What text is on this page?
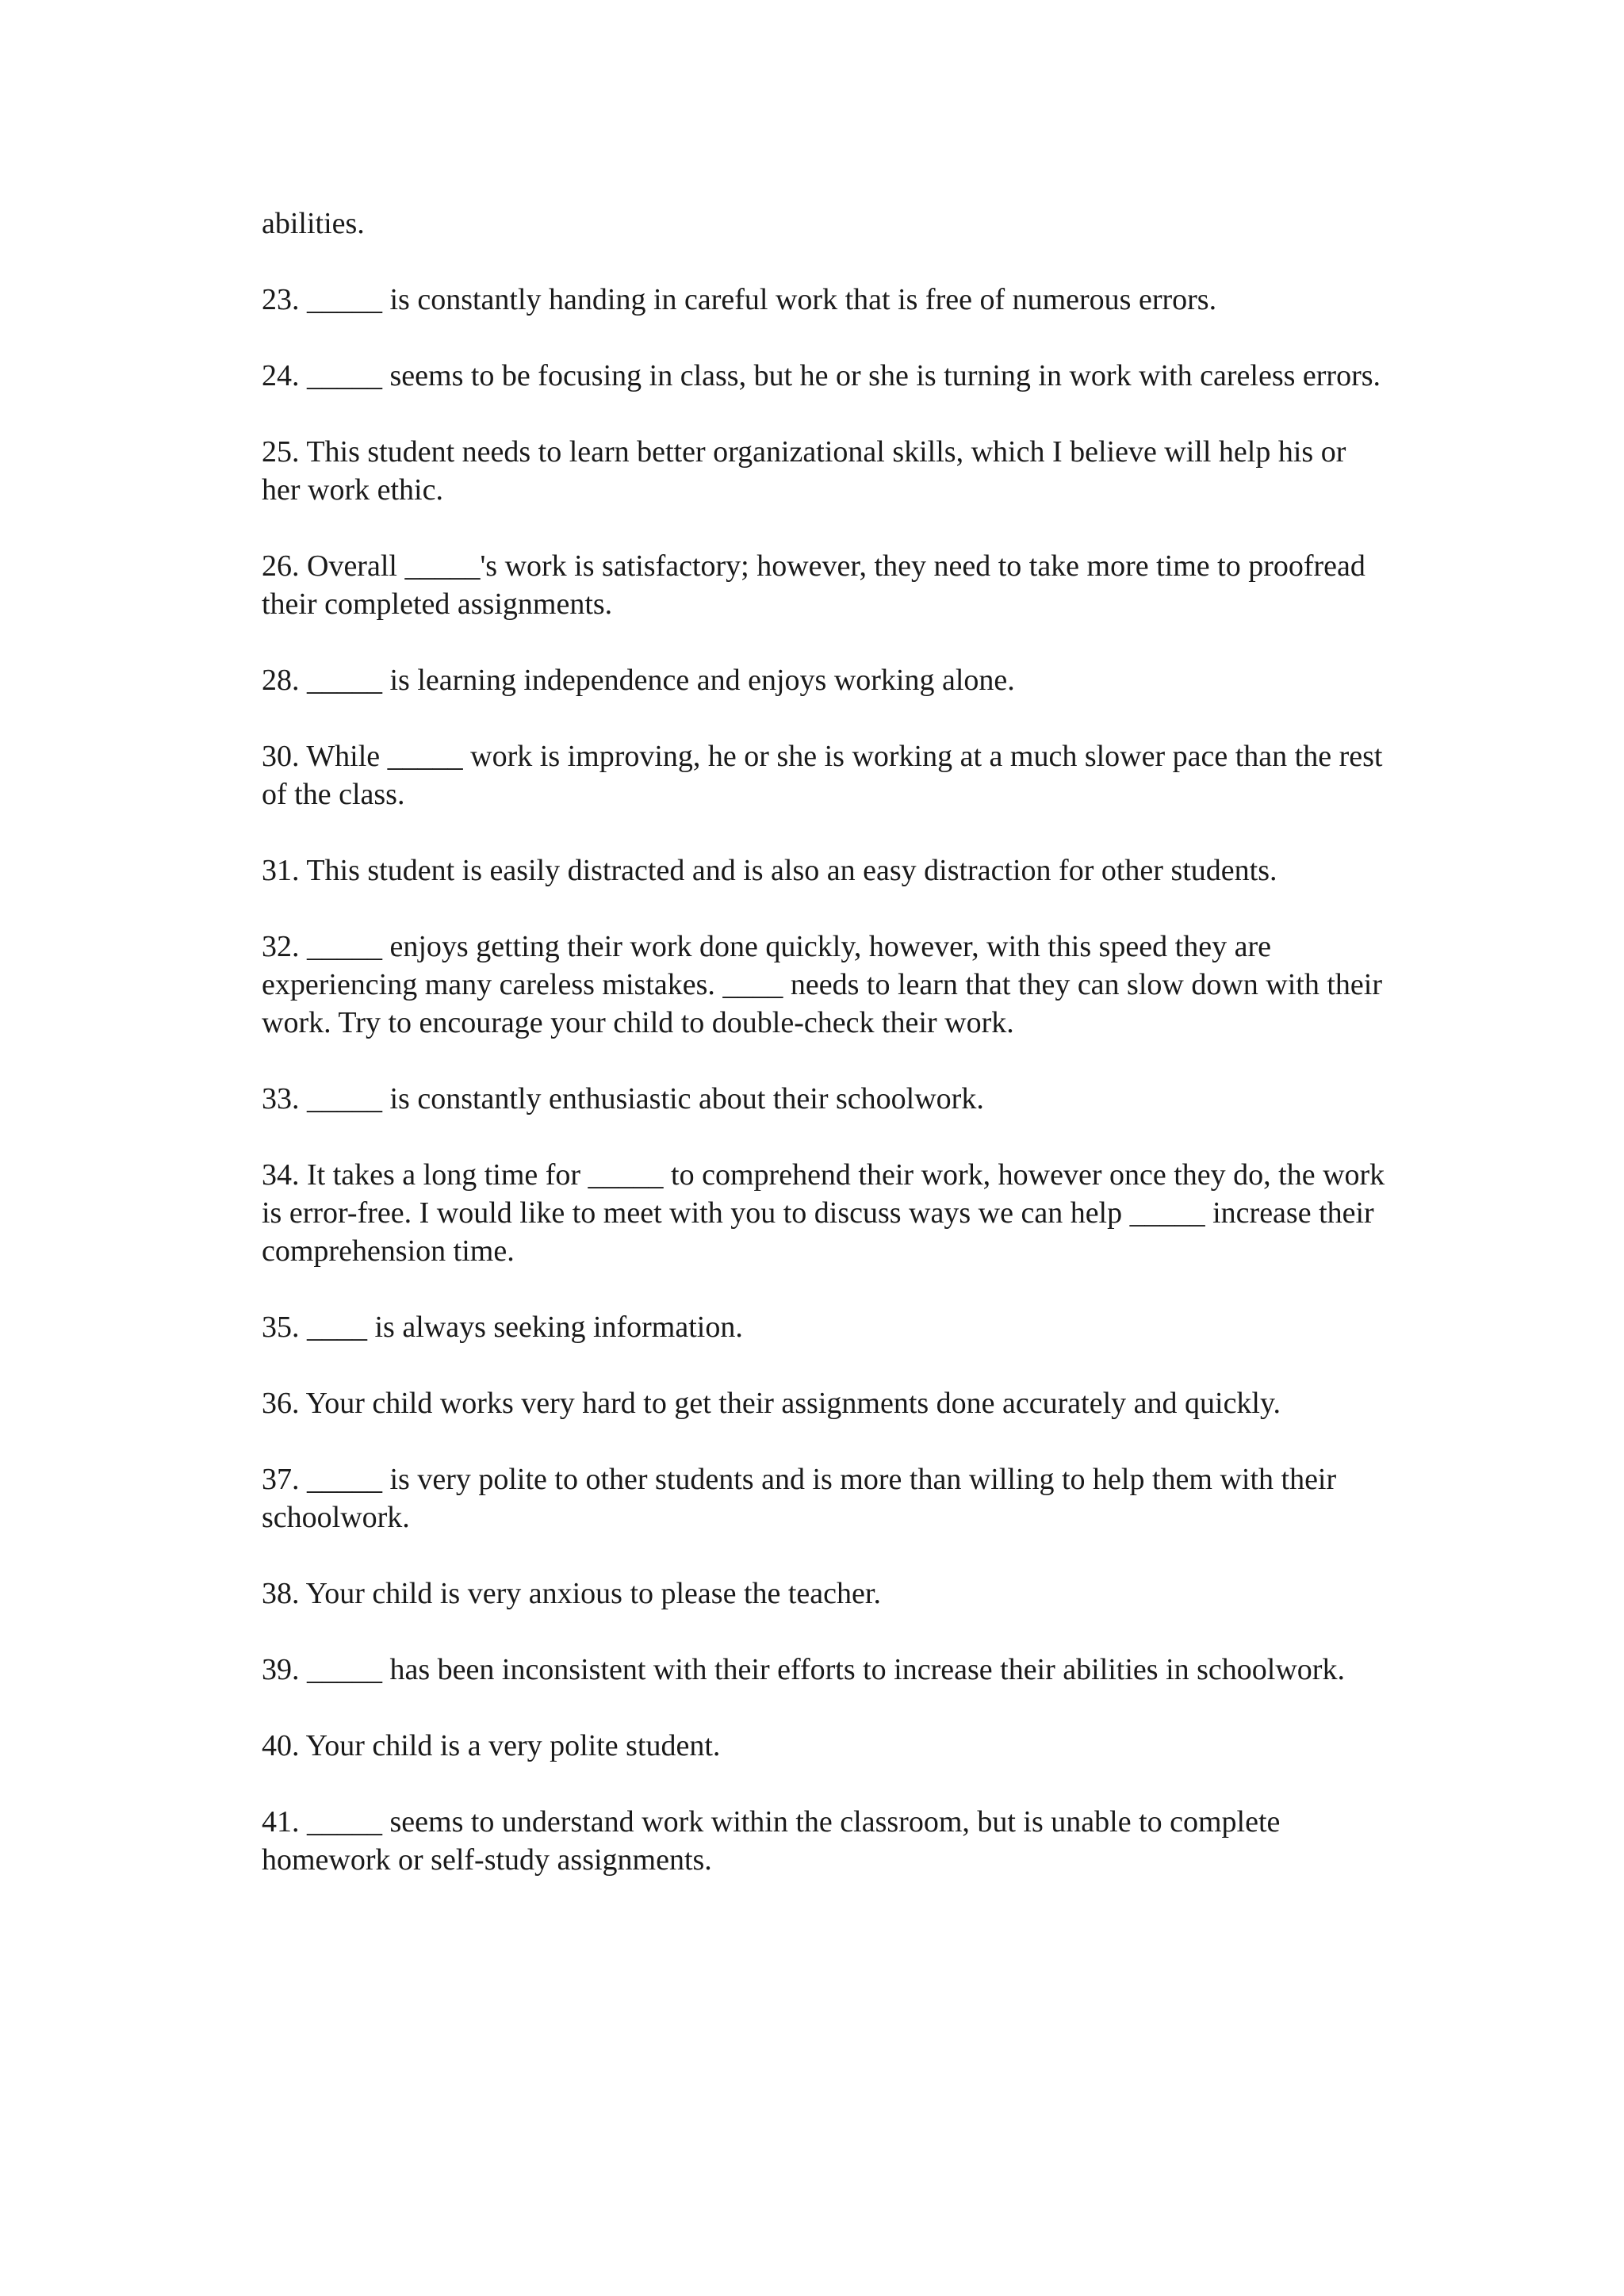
abilities.

23. _____ is constantly handing in careful work that is free of numerous errors.

24. _____ seems to be focusing in class, but he or she is turning in work with careless errors.

25. This student needs to learn better organizational skills, which I believe will help his or her work ethic.

26. Overall _____'s work is satisfactory; however, they need to take more time to proofread their completed assignments.

28. _____ is learning independence and enjoys working alone.

30. While _____ work is improving, he or she is working at a much slower pace than the rest of the class.

31. This student is easily distracted and is also an easy distraction for other students.

32. _____ enjoys getting their work done quickly, however, with this speed they are experiencing many careless mistakes. ____ needs to learn that they can slow down with their work. Try to encourage your child to double-check their work.

33. _____ is constantly enthusiastic about their schoolwork.

34. It takes a long time for _____ to comprehend their work, however once they do, the work is error-free. I would like to meet with you to discuss ways we can help _____ increase their comprehension time.

35. ____ is always seeking information.

36. Your child works very hard to get their assignments done accurately and quickly.

37. _____ is very polite to other students and is more than willing to help them with their schoolwork.

38. Your child is very anxious to please the teacher.

39. _____ has been inconsistent with their efforts to increase their abilities in schoolwork.

40. Your child is a very polite student.

41. _____ seems to understand work within the classroom, but is unable to complete homework or self-study assignments.
